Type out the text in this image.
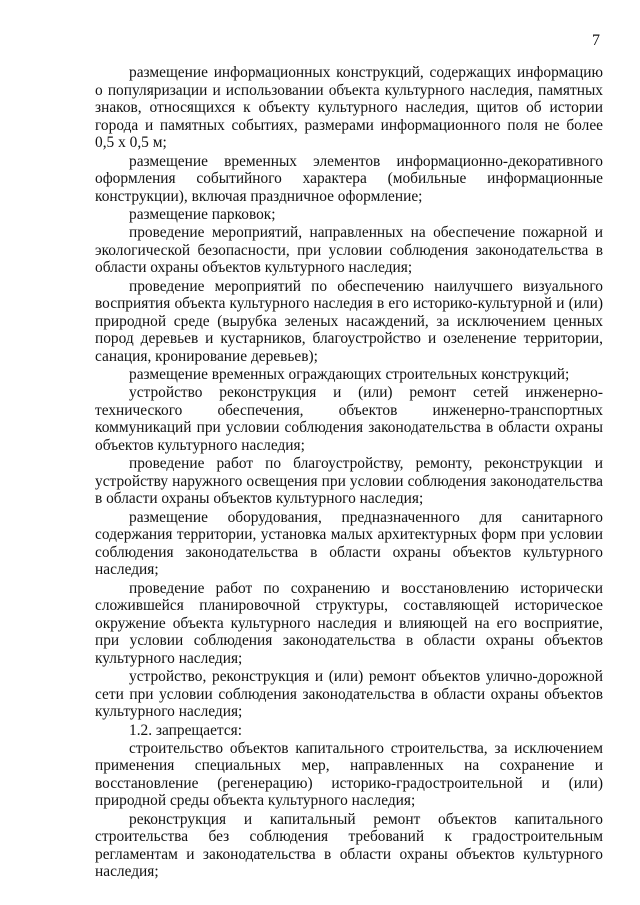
7

размещение информационных конструкций, содержащих информацию о популяризации и использовании объекта культурного наследия, памятных знаков, относящихся к объекту культурного наследия, щитов об истории города и памятных событиях, размерами информационного поля не более 0,5 х 0,5 м;

размещение временных элементов информационно-декоративного оформления событийного характера (мобильные информационные конструкции), включая праздничное оформление;

размещение парковок;

проведение мероприятий, направленных на обеспечение пожарной и экологической безопасности, при условии соблюдения законодательства в области охраны объектов культурного наследия;

проведение мероприятий по обеспечению наилучшего визуального восприятия объекта культурного наследия в его историко-культурной и (или) природной среде (вырубка зеленых насаждений, за исключением ценных пород деревьев и кустарников, благоустройство и озеленение территории, санация, кронирование деревьев);

размещение временных ограждающих строительных конструкций;

устройство реконструкция и (или) ремонт сетей инженерно-технического обеспечения, объектов инженерно-транспортных коммуникаций при условии соблюдения законодательства в области охраны объектов культурного наследия;

проведение работ по благоустройству, ремонту, реконструкции и устройству наружного освещения при условии соблюдения законодательства в области охраны объектов культурного наследия;

размещение оборудования, предназначенного для санитарного содержания территории, установка малых архитектурных форм при условии соблюдения законодательства в области охраны объектов культурного наследия;

проведение работ по сохранению и восстановлению исторически сложившейся планировочной структуры, составляющей историческое окружение объекта культурного наследия и влияющей на его восприятие, при условии соблюдения законодательства в области охраны объектов культурного наследия;

устройство, реконструкция и (или) ремонт объектов улично-дорожной сети при условии соблюдения законодательства в области охраны объектов культурного наследия;

1.2. запрещается:

строительство объектов капитального строительства, за исключением применения специальных мер, направленных на сохранение и восстановление (регенерацию) историко-градостроительной и (или) природной среды объекта культурного наследия;

реконструкция и капитальный ремонт объектов капитального строительства без соблюдения требований к градостроительным регламентам и законодательства в области охраны объектов культурного наследия;
